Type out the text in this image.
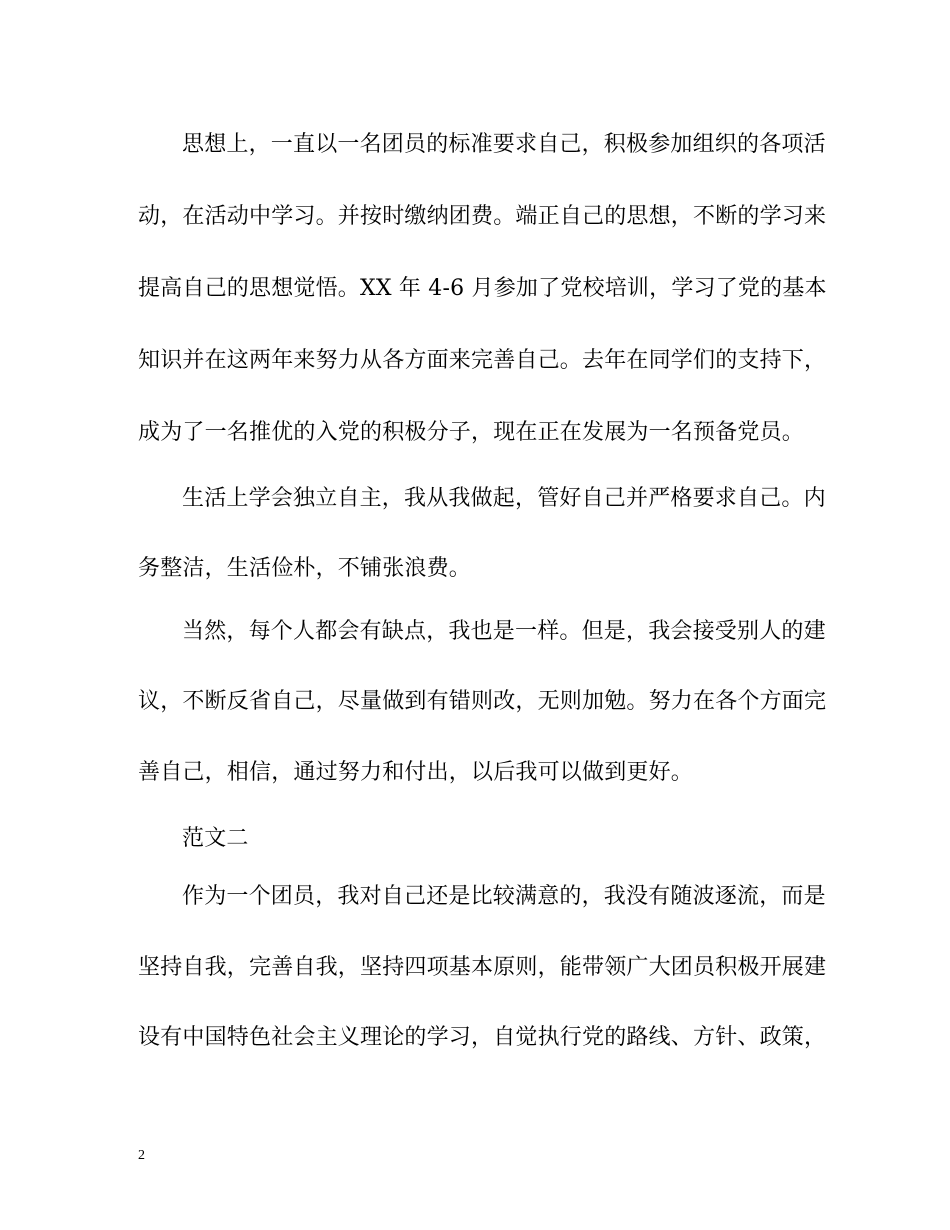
思想上，一直以一名团员的标准要求自己，积极参加组织的各项活
动，在活动中学习。并按时缴纳团费。端正自己的思想，不断的学习来
提高自己的思想觉悟。XX 年 4-6 月参加了党校培训，学习了党的基本
知识并在这两年来努力从各方面来完善自己。去年在同学们的支持下，
成为了一名推优的入党的积极分子，现在正在发展为一名预备党员。
生活上学会独立自主，我从我做起，管好自己并严格要求自己。内
务整洁，生活俭朴，不铺张浪费。
当然，每个人都会有缺点，我也是一样。但是，我会接受别人的建
议，不断反省自己，尽量做到有错则改，无则加勉。努力在各个方面完
善自己，相信，通过努力和付出，以后我可以做到更好。
范文二
作为一个团员，我对自己还是比较满意的，我没有随波逐流，而是
坚持自我，完善自我，坚持四项基本原则，能带领广大团员积极开展建
设有中国特色社会主义理论的学习，自觉执行党的路线、方针、政策，
2
